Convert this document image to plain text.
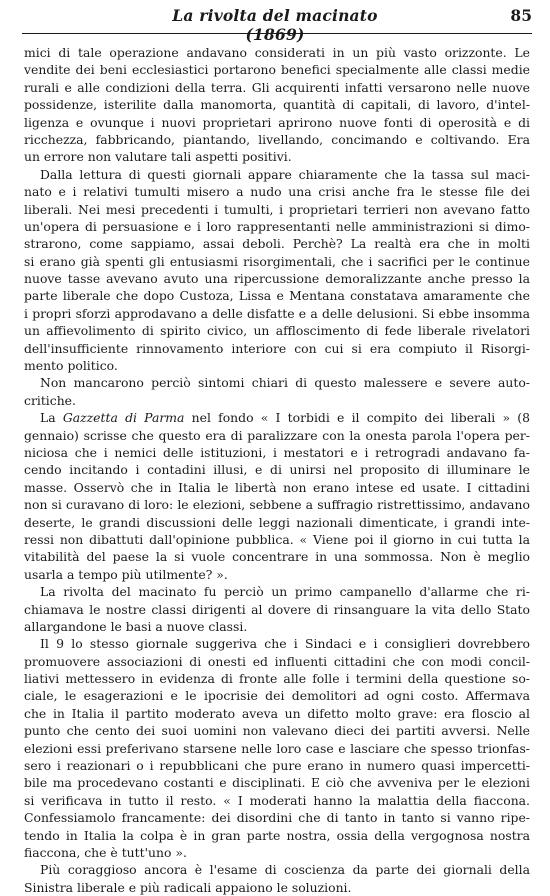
La rivolta del macinato (1869)
85
mici di tale operazione andavano considerati in un più vasto orizzonte. Le
vendite dei beni ecclesiastici portarono benefici specialmente alle classi medie
rurali e alle condizioni della terra. Gli acquirenti infatti versarono nelle nuove
possidenze, isterilite dalla manomorta, quantità di capitali, di lavoro, d'intel-
ligenza e ovunque i nuovi proprietari aprirono nuove fonti di operosità e di
ricchezza, fabbricando, piantando, livellando, concimando e coltivando. Era
un errore non valutare tali aspetti positivi.
Dalla lettura di questi giornali appare chiaramente che la tassa sul maci-
nato e i relativi tumulti misero a nudo una crisi anche fra le stesse file dei
liberali. Nei mesi precedenti i tumulti, i proprietari terrieri non avevano fatto
un'opera di persuasione e i loro rappresentanti nelle amministrazioni si dimo-
strarono, come sappiamo, assai deboli. Perchè? La realtà era che in molti
si erano già spenti gli entusiasmi risorgimentali, che i sacrifici per le continue
nuove tasse avevano avuto una ripercussione demoralizzante anche presso la
parte liberale che dopo Custoza, Lissa e Mentana constatava amaramente che
i propri sforzi approdavano a delle disfatte e a delle delusioni. Si ebbe insomma
un affievolimento di spirito civico, un affloscimento di fede liberale rivelatori
dell'insufficiente rinnovamento interiore con cui si era compiuto il Risorgi-
mento politico.
Non mancarono perciò sintomi chiari di questo malessere e severe auto-
critiche.
La Gazzetta di Parma nel fondo « I torbidi e il compito dei liberali » (8
gennaio) scrisse che questo era di paralizzare con la onesta parola l'opera per-
niciosa che i nemici delle istituzioni, i mestatori e i retrogradi andavano fa-
cendo incitando i contadini illusi, e di unirsi nel proposito di illuminare le
masse. Osservò che in Italia le libertà non erano intese ed usate. I cittadini
non si curavano di loro: le elezioni, sebbene a suffragio ristrettissimo, andavano
deserte, le grandi discussioni delle leggi nazionali dimenticate, i grandi inte-
ressi non dibattuti dall'opinione pubblica. « Viene poi il giorno in cui tutta la
vitabilità del paese la si vuole concentrare in una sommossa. Non è meglio
usarla a tempo più utilmente? ».
La rivolta del macinato fu perciò un primo campanello d'allarme che ri-
chiamava le nostre classi dirigenti al dovere di rinsanguare la vita dello Stato
allargandone le basi a nuove classi.
Il 9 lo stesso giornale suggeriva che i Sindaci e i consiglieri dovrebbero
promuovere associazioni di onesti ed influenti cittadini che con modi concil-
liativi mettessero in evidenza di fronte alle folle i termini della questione so-
ciale, le esagerazioni e le ipocrisie dei demolitori ad ogni costo. Affermava
che in Italia il partito moderato aveva un difetto molto grave: era floscio al
punto che cento dei suoi uomini non valevano dieci dei partiti avversi. Nelle
elezioni essi preferivano starsene nelle loro case e lasciare che spesso trionfas-
sero i reazionari o i repubblicani che pure erano in numero quasi impercetti-
bile ma procedevano costanti e disciplinati. E ciò che avveniva per le elezioni
si verificava in tutto il resto. « I moderati hanno la malattia della fiaccona.
Confessiamolo francamente: dei disordini che di tanto in tanto si vanno ripe-
tendo in Italia la colpa è in gran parte nostra, ossia della vergognosa nostra
fiaccona, che è tutt'uno ».
Più coraggioso ancora è l'esame di coscienza da parte dei giornali della
Sinistra liberale e più radicali appaiono le soluzioni.
